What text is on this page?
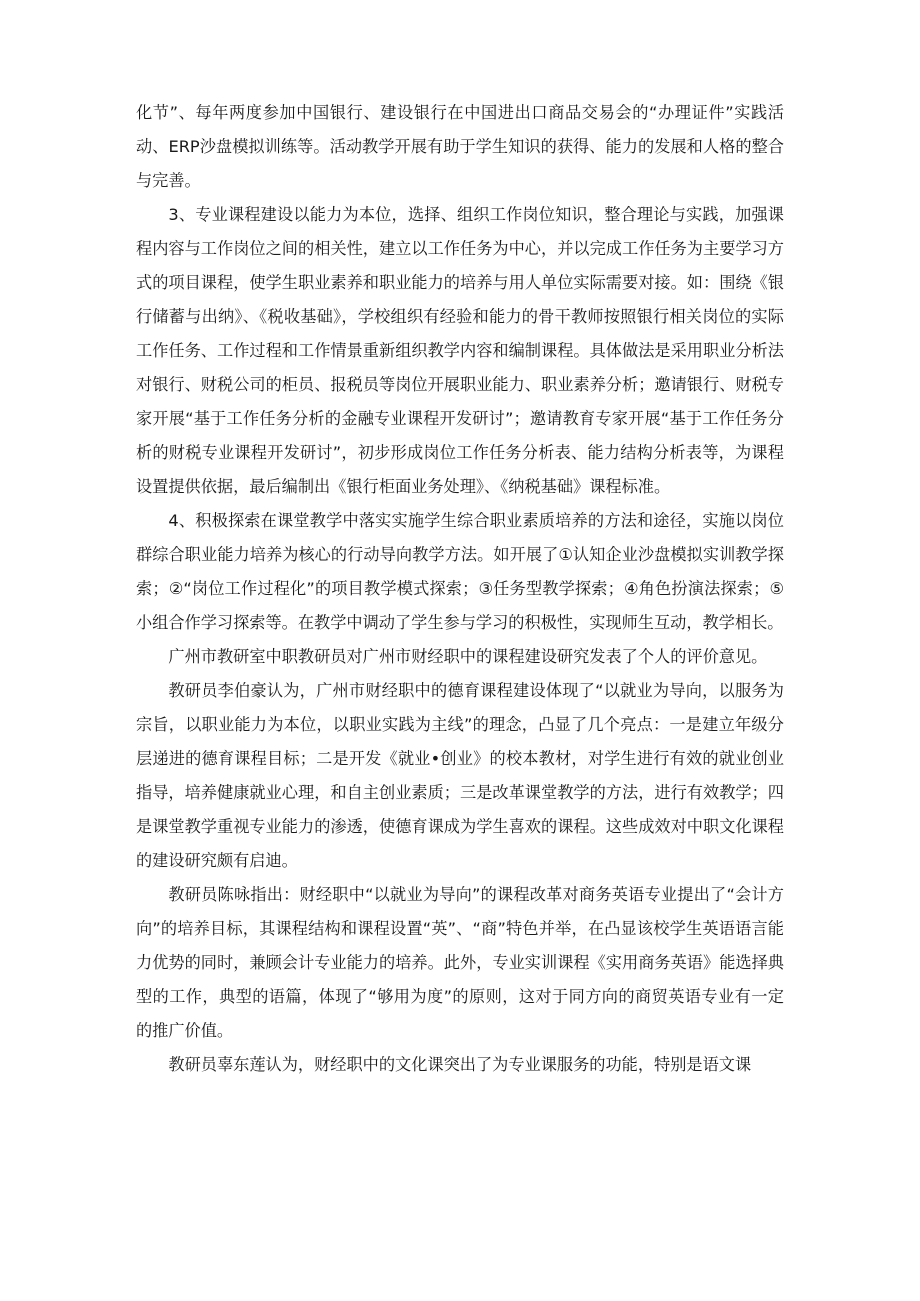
化节”、每年两度参加中国银行、建设银行在中国进出口商品交易会的“办理证件”实践活动、ERP沙盘模拟训练等。活动教学开展有助于学生知识的获得、能力的发展和人格的整合与完善。

3、专业课程建设以能力为本位，选择、组织工作岗位知识，整合理论与实践，加强课程内容与工作岗位之间的相关性，建立以工作任务为中心，并以完成工作任务为主要学习方式的项目课程，使学生职业素养和职业能力的培养与用人单位实际需要对接。如：围绕《银行储蓄与出纳》、《税收基础》，学校组织有经验和能力的骨干教师按照银行相关岗位的实际工作任务、工作过程和工作情景重新组织教学内容和编制课程。具体做法是采用职业分析法对银行、财税公司的柜员、报税员等岗位开展职业能力、职业素养分析；邀请银行、财税专家开展“基于工作任务分析的金融专业课程开发研讨”；邀请教育专家开展“基于工作任务分析的财税专业课程开发研讨”，初步形成岗位工作任务分析表、能力结构分析表等，为课程设置提供依据，最后编制出《银行柜面业务处理》、《纳税基础》课程标准。

4、积极探索在课堂教学中落实实施学生综合职业素质培养的方法和途径，实施以岗位群综合职业能力培养为核心的行动导向教学方法。如开展了①认知企业沙盘模拟实训教学探索；②“岗位工作过程化”的项目教学模式探索；③任务型教学探索；④角色扮演法探索；⑤小组合作学习探索等。在教学中调动了学生参与学习的积极性，实现师生互动，教学相长。

广州市教研室中职教研员对广州市财经职中的课程建设研究发表了个人的评价意见。

教研员李伯豪认为，广州市财经职中的德育课程建设体现了“以就业为导向，以服务为宗旨，以职业能力为本位，以职业实践为主线”的理念，凸显了几个亮点：一是建立年级分层递进的德育课程目标；二是开发《就业•创业》的校本教材，对学生进行有效的就业创业指导，培养健康就业心理，和自主创业素质；三是改革课堂教学的方法，进行有效教学；四是课堂教学重视专业能力的渗透，使德育课成为学生喜欢的课程。这些成效对中职文化课程的建设研究颇有启迪。

教研员陈咏指出：财经职中“以就业为导向”的课程改革对商务英语专业提出了“会计方向”的培养目标，其课程结构和课程设置“英”、“商”特色并举，在凸显该校学生英语语言能力优势的同时，兼顾会计专业能力的培养。此外，专业实训课程《实用商务英语》能选择典型的工作，典型的语篇，体现了“够用为度”的原则，这对于同方向的商贸英语专业有一定的推广价值。

教研员辜东莲认为，财经职中的文化课突出了为专业课服务的功能，特别是语文课
